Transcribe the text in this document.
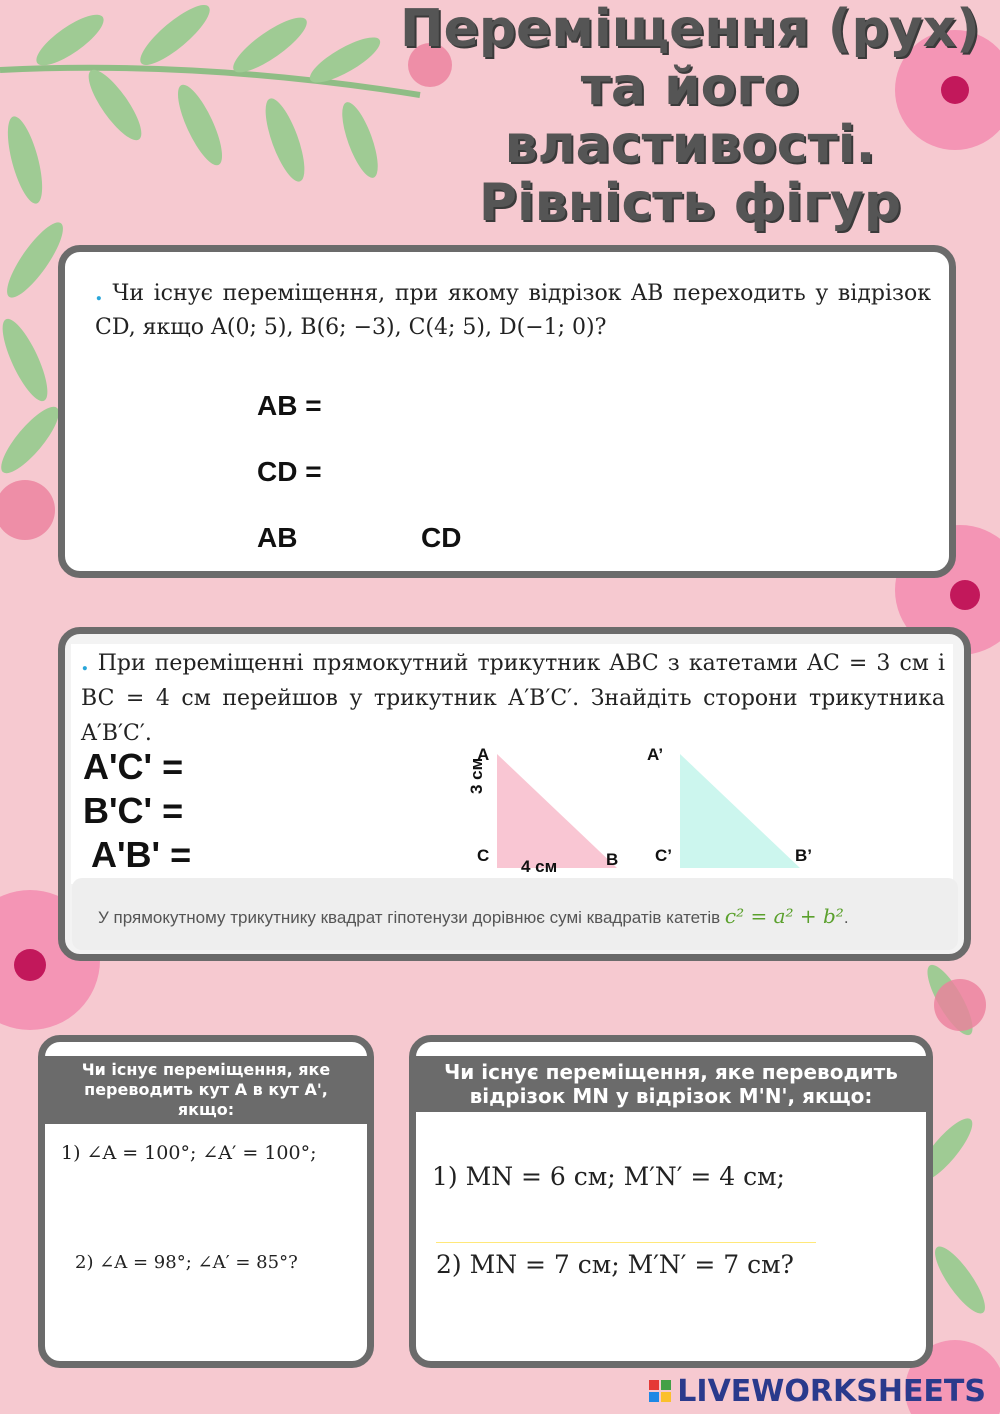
Переміщення (рух)
та його
властивості.
Рівність фігур
. Чи існує переміщення, при якому відрізок AB переходить у відрізок CD, якщо A(0; 5), B(6; −3), C(4; 5), D(−1; 0)?
AB =
CD =
AB	CD
. При переміщенні прямокутний трикутник ABC з катетами AC = 3 см і BC = 4 см перейшов у трикутник A′B′C′. Знайдіть сторони трикутника A′B′C′.
A'C' =
B'C' =
A'B' =
A
C	B
3 см
4 см
A’
C’	B’
У прямокутному трикутнику квадрат гіпотенузи дорівнює сумі квадратів катетів c² = a² + b².
Чи існує переміщення, яке переводить кут А в кут А', якщо:
1) ∠A = 100°; ∠A′ = 100°;
2) ∠A = 98°; ∠A′ = 85°?
Чи існує переміщення, яке переводить відрізок MN у відрізок M'N', якщо:
1) MN = 6 см; M′N′ = 4 см;
2) MN = 7 см; M′N′ = 7 см?
LIVEWORKSHEETS
